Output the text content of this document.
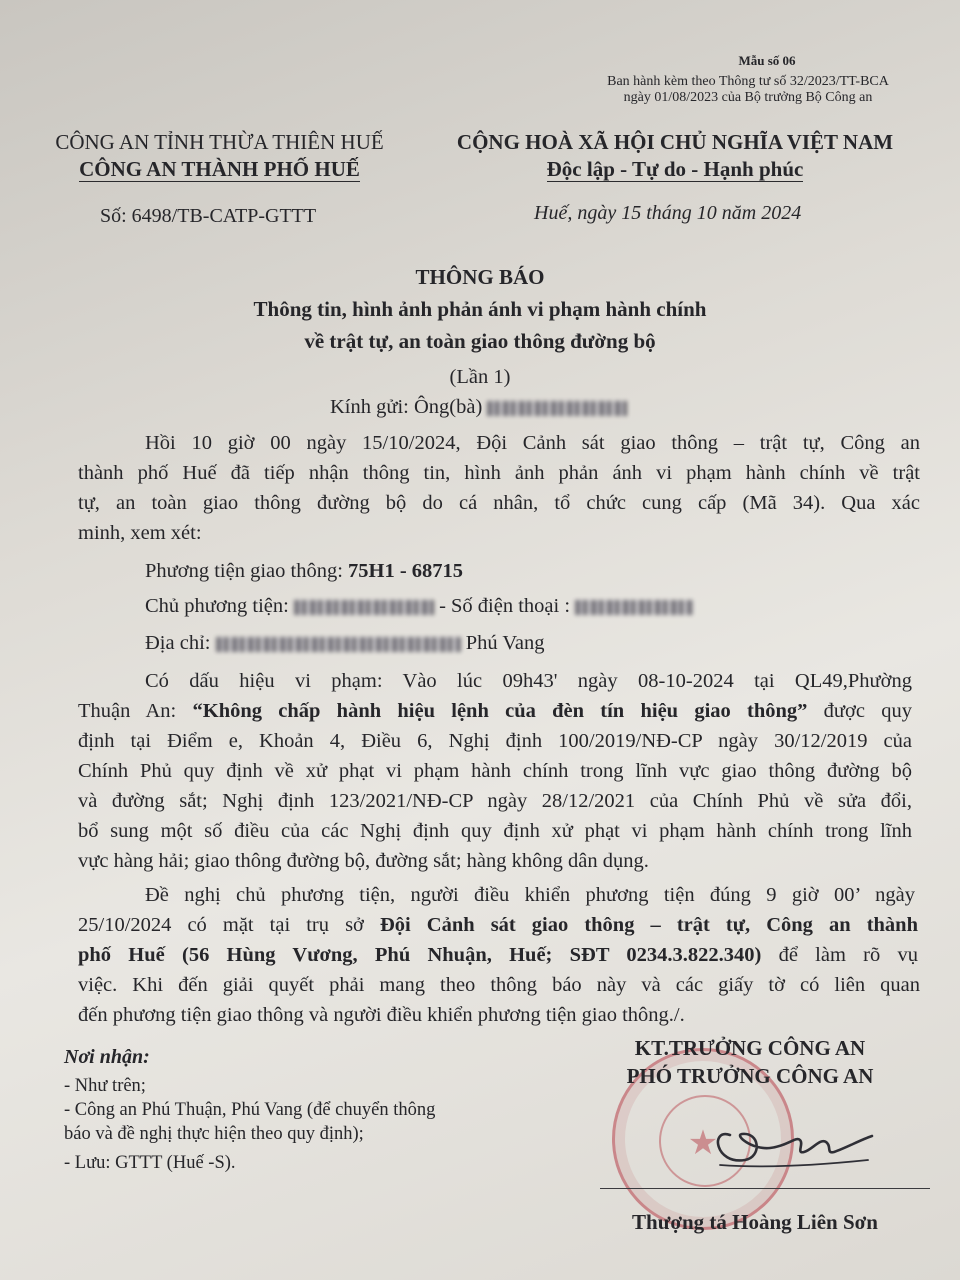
Mẫu số 06
Ban hành kèm theo Thông tư số 32/2023/TT-BCA
ngày 01/08/2023 của Bộ trưởng Bộ Công an
CÔNG AN TỈNH THỪA THIÊN HUẾ
CÔNG AN THÀNH PHỐ HUẾ
Số: 6498/TB-CATP-GTTT
CỘNG HOÀ XÃ HỘI CHỦ NGHĨA VIỆT NAM
Độc lập - Tự do - Hạnh phúc
Huế, ngày 15 tháng 10 năm 2024
THÔNG BÁO
Thông tin, hình ảnh phản ánh vi phạm hành chính
về trật tự, an toàn giao thông đường bộ
(Lần 1)
Kính gửi: Ông(bà)
Hồi 10 giờ 00 ngày 15/10/2024, Đội Cảnh sát giao thông – trật tự, Công an
thành phố Huế đã tiếp nhận thông tin, hình ảnh phản ánh vi phạm hành chính về trật
tự, an toàn giao thông đường bộ do cá nhân, tổ chức cung cấp (Mã 34). Qua xác
minh, xem xét:
Phương tiện giao thông: 75H1 - 68715
Chủ phương tiện:	- Số điện thoại :
Địa chỉ:	Phú Vang
Có dấu hiệu vi phạm: Vào lúc 09h43' ngày 08-10-2024 tại QL49,Phường
Thuận An: “Không chấp hành hiệu lệnh của đèn tín hiệu giao thông” được quy
định tại Điểm e, Khoản 4, Điều 6, Nghị định 100/2019/NĐ-CP ngày 30/12/2019 của
Chính Phủ quy định về xử phạt vi phạm hành chính trong lĩnh vực giao thông đường bộ
và đường sắt; Nghị định 123/2021/NĐ-CP ngày 28/12/2021 của Chính Phủ về sửa đổi,
bổ sung một số điều của các Nghị định quy định xử phạt vi phạm hành chính trong lĩnh
vực hàng hải; giao thông đường bộ, đường sắt; hàng không dân dụng.
Đề nghị chủ phương tiện, người điều khiển phương tiện đúng 9 giờ 00’ ngày
25/10/2024 có mặt tại trụ sở Đội Cảnh sát giao thông – trật tự, Công an thành
phố Huế (56 Hùng Vương, Phú Nhuận, Huế; SĐT 0234.3.822.340) để làm rõ vụ
việc. Khi đến giải quyết phải mang theo thông báo này và các giấy tờ có liên quan
đến phương tiện giao thông và người điều khiển phương tiện giao thông./.
Nơi nhận:
- Như trên;
- Công an Phú Thuận, Phú Vang (để chuyển thông
báo và đề nghị thực hiện theo quy định);
- Lưu: GTTT (Huế -S).
★
KT.TRƯỞNG CÔNG AN
PHÓ TRƯỞNG CÔNG AN
Thượng tá Hoàng Liên Sơn
